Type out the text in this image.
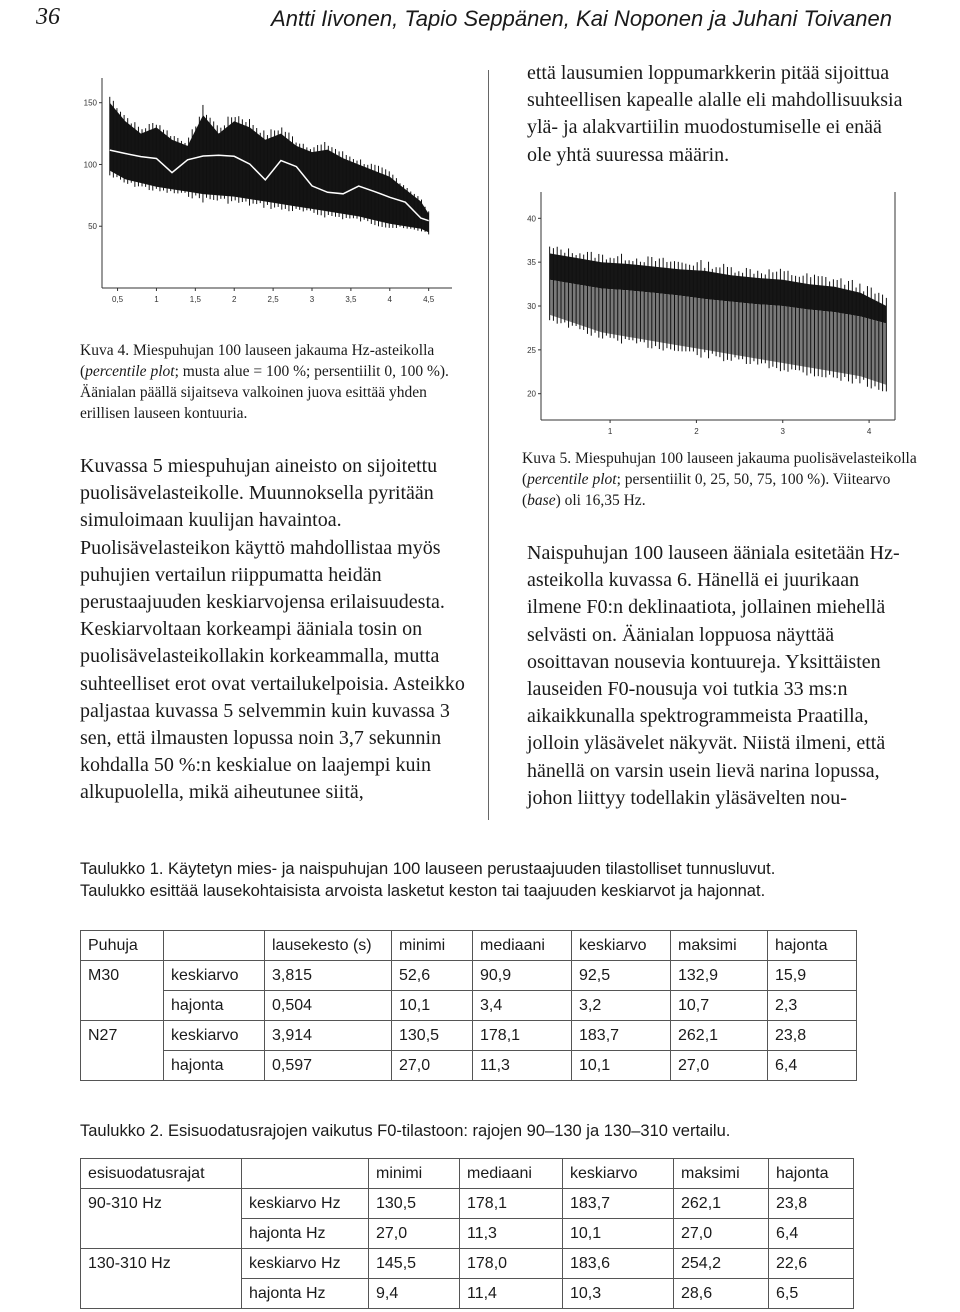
36	Antti Iivonen, Tapio Seppänen, Kai Noponen ja Juhani Toivanen
0,5	1	1,5	2	2,5	3	3,5	4	4,5
50
100
150
Kuva 4. Miespuhujan 100 lauseen jakauma Hz-asteikolla (percentile plot; musta alue = 100 %; persentiilit 0, 100 %). Äänialan päällä sijaitseva valkoinen juova esittää yhden erillisen lauseen kontuuria.
1	2	3	4
20
25
30
35
40
Kuva 5. Miespuhujan 100 lauseen jakauma puolisävelasteikolla (percentile plot; persentiilit 0, 25, 50, 75, 100 %). Viitearvo (base) oli 16,35 Hz.
että lausumien loppumarkkerin pitää sijoittua suhteellisen kapealle alalle eli mahdollisuuksia ylä- ja alakvartiilin muodostumiselle ei enää ole yhtä suuressa määrin.
Kuvassa 5 miespuhujan aineisto on sijoitettu puolisävelasteikolle. Muunnoksella pyritään simuloimaan kuulijan havaintoa. Puolisävelasteikon käyttö mahdollistaa myös puhujien vertailun riippumatta heidän perustaajuuden keskiarvojensa erilaisuudesta. Keskiarvoltaan korkeampi ääniala tosin on puolisävelasteikollakin korkeammalla, mutta suhteelliset erot ovat vertailukelpoisia. Asteikko paljastaa kuvassa 5 selvemmin kuin kuvassa 3 sen, että ilmausten lopussa noin 3,7 sekunnin kohdalla 50 %:n keskialue on laajempi kuin alkupuolella, mikä aiheutunee siitä,
Naispuhujan 100 lauseen ääniala esitetään Hz-asteikolla kuvassa 6. Hänellä ei juurikaan ilmene F0:n deklinaatiota, jollainen miehellä selvästi on. Äänialan loppuosa näyttää osoittavan nousevia kontuureja. Yksittäisten lauseiden F0-nousuja voi tutkia 33 ms:n aikaikkunalla spektrogrammeista Praatilla, jolloin yläsävelet näkyvät. Niistä ilmeni, että hänellä on varsin usein lievä narina lopussa, johon liittyy todellakin yläsävelten nou-
Taulukko 1. Käytetyn mies- ja naispuhujan 100 lauseen perustaajuuden tilastolliset tunnusluvut.
Taulukko esittää lausekohtaisista arvoista lasketut keston tai taajuuden keskiarvot ja hajonnat.
Puhuja		lausekesto (s)	minimi	mediaani	keskiarvo	maksimi	hajonta
M30	keskiarvo	3,815	52,6	90,9	92,5	132,9	15,9
	hajonta	0,504	10,1	3,4	3,2	10,7	2,3
N27	keskiarvo	3,914	130,5	178,1	183,7	262,1	23,8
	hajonta	0,597	27,0	11,3	10,1	27,0	6,4
Taulukko 2. Esisuodatusrajojen vaikutus F0-tilastoon: rajojen 90–130 ja 130–310 vertailu.
esisuodatusrajat		minimi	mediaani	keskiarvo	maksimi	hajonta
90-310 Hz	keskiarvo Hz	130,5	178,1	183,7	262,1	23,8
	hajonta Hz	27,0	11,3	10,1	27,0	6,4
130-310 Hz	keskiarvo Hz	145,5	178,0	183,6	254,2	22,6
	hajonta Hz	9,4	11,4	10,3	28,6	6,5
